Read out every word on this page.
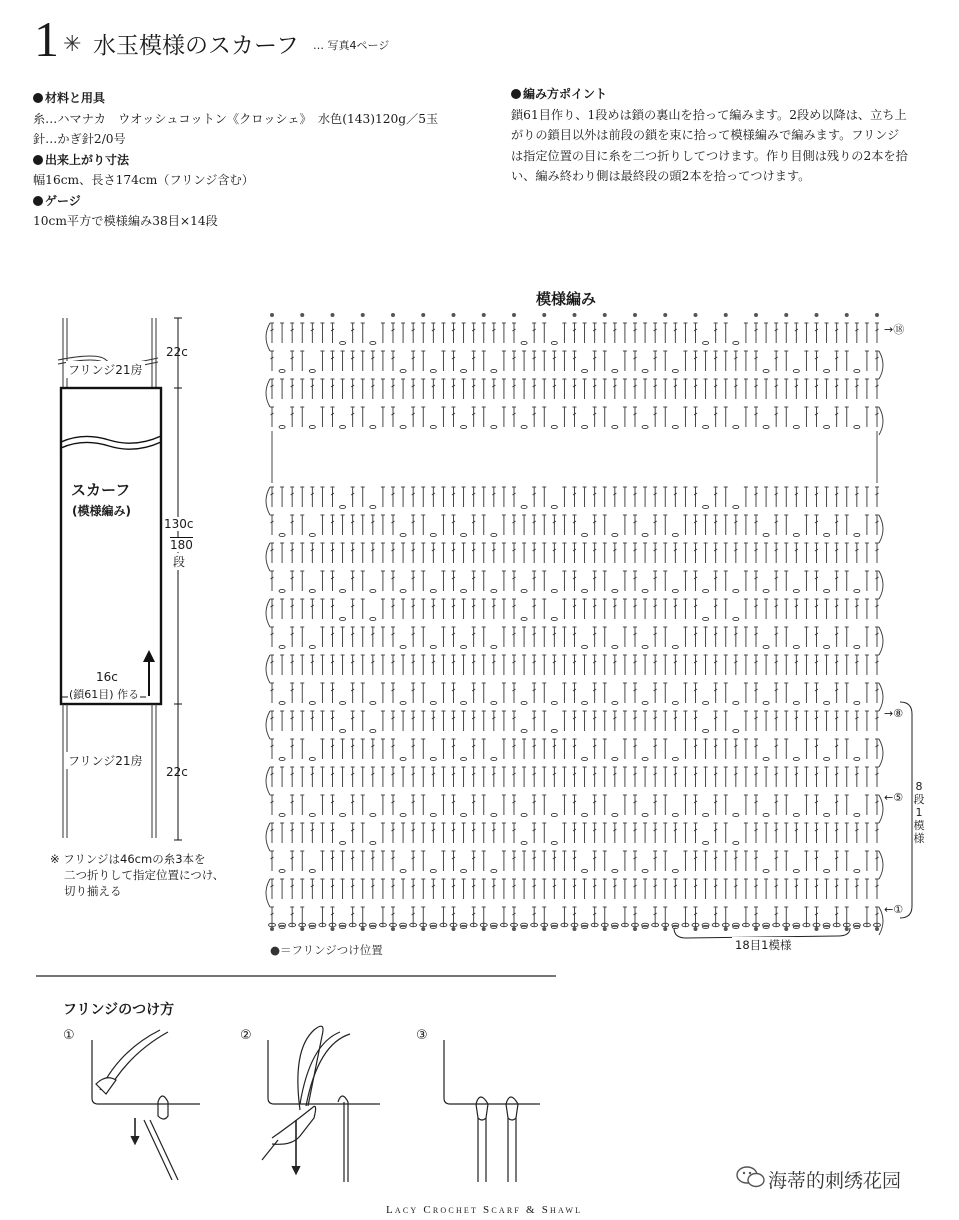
1 ✳ 水玉模様のスカーフ … 写真4ページ
材料と用具
糸…ハマナカ　ウオッシュコットン《クロッシェ》　水色(143)120g／5玉
針…かぎ針2/0号
出来上がり寸法
幅16cm、長さ174cm（フリンジ含む）
ゲージ
10cm平方で模様編み38目×14段
編み方ポイント
鎖61目作り、1段めは鎖の裏山を拾って編みます。2段め以降は、立ち上
がりの鎖目以外は前段の鎖を束に拾って模様編みで編みます。フリンジ
は指定位置の目に糸を二つ折りしてつけます。作り目側は残りの2本を拾
い、編み終わり側は最終段の頭2本を拾ってつけます。
フリンジ21房
22c
スカーフ
(模様編み)
130c
180
段
16c
(鎖61目) 作る
フリンジ21房
22c
※ フリンジは46cmの糸3本を
二つ折りして指定位置につけ、
切り揃える
模様編み
→⑱
→⑧
←⑤
←①
8
段
1
模
様
18目1模様
●＝フリンジつけ位置
フリンジのつけ方
①	②	③
海蒂的刺绣花园
Lacy Crochet Scarf & Shawl
